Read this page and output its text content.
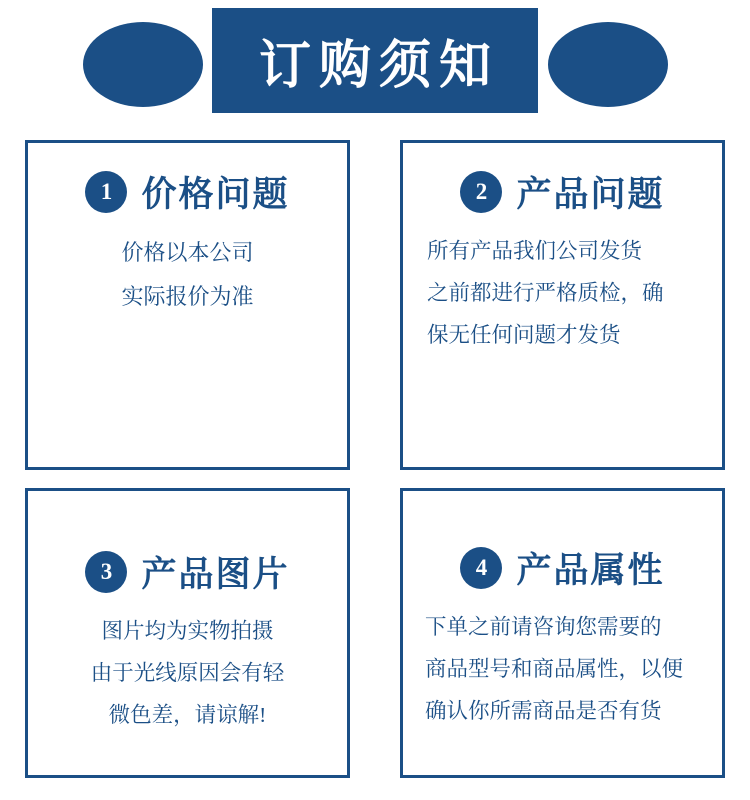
订购须知
1 价格问题
价格以本公司
实际报价为准
2 产品问题
所有产品我们公司发货
之前都进行严格质检，确
保无任何问题才发货
3 产品图片
图片均为实物拍摄
由于光线原因会有轻
微色差，请谅解!
4 产品属性
下单之前请咨询您需要的
商品型号和商品属性，以便
确认你所需商品是否有货
